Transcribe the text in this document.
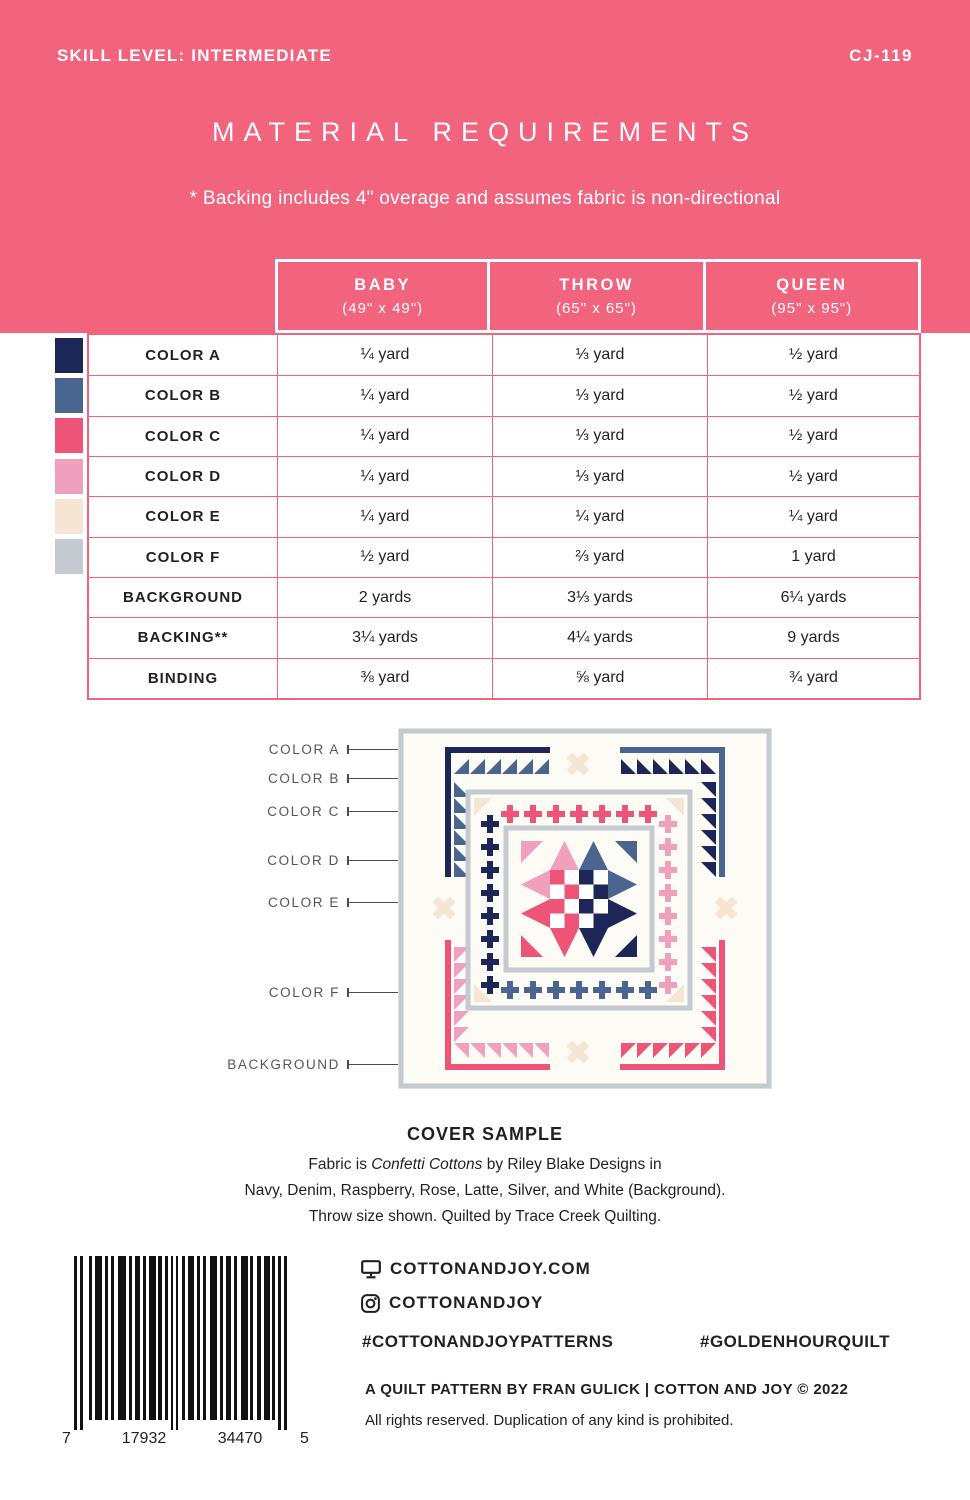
SKILL LEVEL: INTERMEDIATE	CJ-119
MATERIAL REQUIREMENTS
* Backing includes 4" overage and assumes fabric is non-directional
BABY
(49" x 49")
THROW
(65" x 65")
QUEEN
(95" x 95")
COLOR A	¼ yard	⅓ yard	½ yard
COLOR B	¼ yard	⅓ yard	½ yard
COLOR C	¼ yard	⅓ yard	½ yard
COLOR D	¼ yard	⅓ yard	½ yard
COLOR E	¼ yard	¼ yard	¼ yard
COLOR F	½ yard	⅔ yard	1 yard
BACKGROUND	2 yards	3⅓ yards	6¼ yards
BACKING**	3¼ yards	4¼ yards	9 yards
BINDING	⅜ yard	⅝ yard	¾ yard
COLOR A
COLOR B
COLOR C
COLOR D
COLOR E
COLOR F
BACKGROUND
COVER SAMPLE
Fabric is Confetti Cottons by Riley Blake Designs in
Navy, Denim, Raspberry, Rose, Latte, Silver, and White (Background).
Throw size shown. Quilted by Trace Creek Quilting.
7	17932	34470	5
COTTONANDJOY.COM
COTTONANDJOY
#COTTONANDJOYPATTERNS	#GOLDENHOURQUILT
A QUILT PATTERN BY FRAN GULICK | COTTON AND JOY © 2022
All rights reserved. Duplication of any kind is prohibited.
